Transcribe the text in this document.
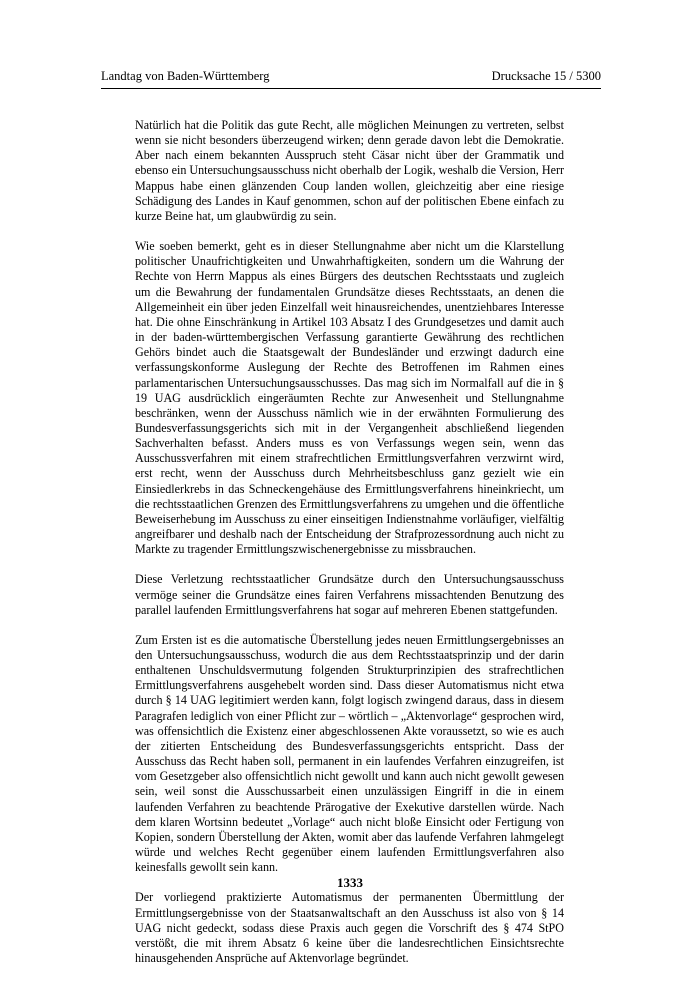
Landtag von Baden-Württemberg	Drucksache 15 / 5300

Natürlich hat die Politik das gute Recht, alle möglichen Meinungen zu vertreten, selbst wenn sie nicht besonders überzeugend wirken; denn gerade davon lebt die Demokratie. Aber nach einem bekannten Ausspruch steht Cäsar nicht über der Grammatik und ebenso ein Untersuchungsausschuss nicht oberhalb der Logik, weshalb die Version, Herr Mappus habe einen glänzenden Coup landen wollen, gleichzeitig aber eine riesige Schädigung des Landes in Kauf genommen, schon auf der politischen Ebene einfach zu kurze Beine hat, um glaubwürdig zu sein.

Wie soeben bemerkt, geht es in dieser Stellungnahme aber nicht um die Klarstellung politischer Unaufrichtigkeiten und Unwahrhaftigkeiten, sondern um die Wahrung der Rechte von Herrn Mappus als eines Bürgers des deutschen Rechtsstaats und zugleich um die Bewahrung der fundamentalen Grundsätze dieses Rechtsstaats, an denen die Allgemeinheit ein über jeden Einzelfall weit hinausreichendes, unentziehbares Interesse hat. Die ohne Einschränkung in Artikel 103 Absatz I des Grundgesetzes und damit auch in der baden-württembergischen Verfassung garantierte Gewährung des rechtlichen Gehörs bindet auch die Staatsgewalt der Bundesländer und erzwingt dadurch eine verfassungskonforme Auslegung der Rechte des Betroffenen im Rahmen eines parlamentarischen Untersuchungsausschusses. Das mag sich im Normalfall auf die in § 19 UAG ausdrücklich eingeräumten Rechte zur Anwesenheit und Stellungnahme beschränken, wenn der Ausschuss nämlich wie in der erwähnten Formulierung des Bundesverfassungsgerichts sich mit in der Vergangenheit abschließend liegenden Sachverhalten befasst. Anders muss es von Verfassungs wegen sein, wenn das Ausschussverfahren mit einem strafrechtlichen Ermittlungsverfahren verzwirnt wird, erst recht, wenn der Ausschuss durch Mehrheitsbeschluss ganz gezielt wie ein Einsiedlerkrebs in das Schneckengehäuse des Ermittlungsverfahrens hineinkriecht, um die rechtsstaatlichen Grenzen des Ermittlungsverfahrens zu umgehen und die öffentliche Beweiserhebung im Ausschuss zu einer einseitigen Indienstnahme vorläufiger, vielfältig angreifbarer und deshalb nach der Entscheidung der Strafprozessordnung auch nicht zu Markte zu tragender Ermittlungszwischenergebnisse zu missbrauchen.

Diese Verletzung rechtsstaatlicher Grundsätze durch den Untersuchungsausschuss vermöge seiner die Grundsätze eines fairen Verfahrens missachtenden Benutzung des parallel laufenden Ermittlungsverfahrens hat sogar auf mehreren Ebenen stattgefunden.

Zum Ersten ist es die automatische Überstellung jedes neuen Ermittlungsergebnisses an den Untersuchungsausschuss, wodurch die aus dem Rechtsstaatsprinzip und der darin enthaltenen Unschuldsvermutung folgenden Strukturprinzipien des strafrechtlichen Ermittlungsverfahrens ausgehebelt worden sind. Dass dieser Automatismus nicht etwa durch § 14 UAG legitimiert werden kann, folgt logisch zwingend daraus, dass in diesem Paragrafen lediglich von einer Pflicht zur – wörtlich – „Aktenvorlage“ gesprochen wird, was offensichtlich die Existenz einer abgeschlossenen Akte voraussetzt, so wie es auch der zitierten Entscheidung des Bundesverfassungsgerichts entspricht. Dass der Ausschuss das Recht haben soll, permanent in ein laufendes Verfahren einzugreifen, ist vom Gesetzgeber also offensichtlich nicht gewollt und kann auch nicht gewollt gewesen sein, weil sonst die Ausschussarbeit einen unzulässigen Eingriff in die in einem laufenden Verfahren zu beachtende Prärogative der Exekutive darstellen würde. Nach dem klaren Wortsinn bedeutet „Vorlage“ auch nicht bloße Einsicht oder Fertigung von Kopien, sondern Überstellung der Akten, womit aber das laufende Verfahren lahmgelegt würde und welches Recht gegenüber einem laufenden Ermittlungsverfahren also keinesfalls gewollt sein kann.

Der vorliegend praktizierte Automatismus der permanenten Übermittlung der Ermittlungsergebnisse von der Staatsanwaltschaft an den Ausschuss ist also von § 14 UAG nicht gedeckt, sodass diese Praxis auch gegen die Vorschrift des § 474 StPO verstößt, die mit ihrem Absatz 6 keine über die landesrechtlichen Einsichtsrechte hinausgehenden Ansprüche auf Aktenvorlage begründet.

1333
